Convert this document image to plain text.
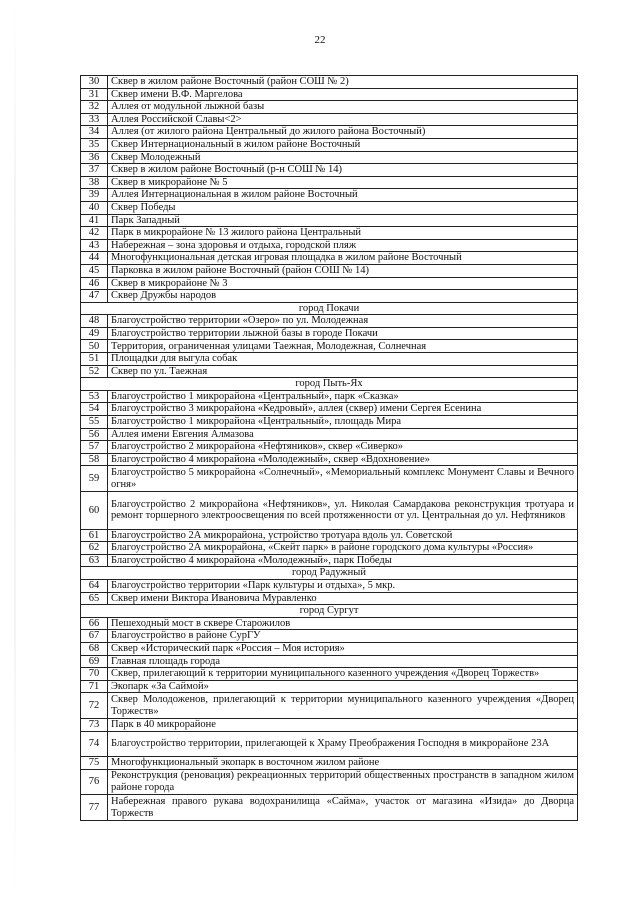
22
30	Сквер в жилом районе Восточный (район СОШ № 2)
31	Сквер имени В.Ф. Маргелова
32	Аллея от модульной лыжной базы
33	Аллея Российской Славы<2>
34	Аллея (от жилого района Центральный до жилого района Восточный)
35	Сквер Интернациональный в жилом районе Восточный
36	Сквер Молодежный
37	Сквер в жилом районе Восточный (р-н СОШ № 14)
38	Сквер в микрорайоне № 5
39	Аллея Интернациональная в жилом районе Восточный
40	Сквер Победы
41	Парк Западный
42	Парк в микрорайоне № 13 жилого района Центральный
43	Набережная – зона здоровья и отдыха, городской пляж
44	Многофункциональная детская игровая площадка в жилом районе Восточный
45	Парковка в жилом районе Восточный (район СОШ № 14)
46	Сквер в микрорайоне № 3
47	Сквер Дружбы народов
город Покачи	
48	Благоустройство территории «Озеро» по ул. Молодежная
49	Благоустройство территории лыжной базы в городе Покачи
50	Территория, ограниченная улицами Таежная, Молодежная, Солнечная
51	Площадки для выгула собак
52	Сквер по ул. Таежная
город Пыть-Ях	
53	Благоустройство 1 микрорайона «Центральный», парк «Сказка»
54	Благоустройство 3 микрорайона «Кедровый», аллея (сквер) имени Сергея Есенина
55	Благоустройство 1 микрорайона «Центральный», площадь Мира
56	Аллея имени Евгения Алмазова
57	Благоустройство 2 микрорайона «Нефтяников», сквер «Сиверко»
58	Благоустройство 4 микрорайона «Молодежный», сквер «Вдохновение»
59	Благоустройство 5 микрорайона «Солнечный», «Мемориальный комплекс Монумент Славы и Вечного огня»
60	Благоустройство 2 микрорайона «Нефтяников», ул. Николая Самардакова реконструкция тротуара и ремонт торшерного электроосвещения по всей протяженности от ул. Центральная до ул. Нефтяников
61	Благоустройство 2А микрорайона, устройство тротуара вдоль ул. Советской
62	Благоустройство 2А микрорайона, «Скейт парк» в районе городского дома культуры «Россия»
63	Благоустройство 4 микрорайона «Молодежный», парк Победы
город Радужный	
64	Благоустройство территории «Парк культуры и отдыха», 5 мкр.
65	Сквер имени Виктора Ивановича Муравленко
город Сургут	
66	Пешеходный мост в сквере Старожилов
67	Благоустройство в районе СурГУ
68	Сквер «Исторический парк «Россия – Моя история»
69	Главная площадь города
70	Сквер, прилегающий к территории муниципального казенного учреждения «Дворец Торжеств»
71	Экопарк «За Саймой»
72	Сквер Молодоженов, прилегающий к территории муниципального казенного учреждения «Дворец Торжеств»
73	Парк в 40 микрорайоне
74	Благоустройство территории, прилегающей к Храму Преображения Господня в микрорайоне 23А
75	Многофункциональный экопарк в восточном жилом районе
76	Реконструкция (реновация) рекреационных территорий общественных пространств в западном жилом районе города
77	Набережная правого рукава водохранилища «Сайма», участок от магазина «Изида» до Дворца Торжеств
